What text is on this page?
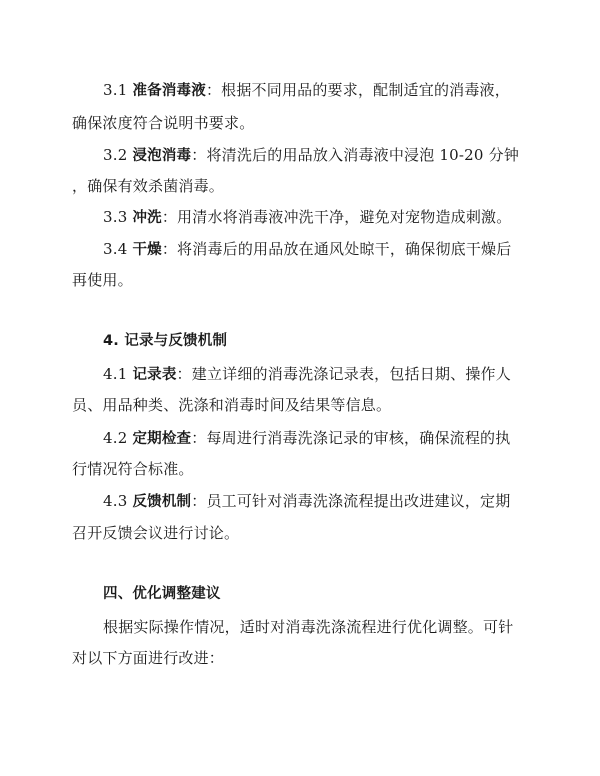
3.1 准备消毒液：根据不同用品的要求，配制适宜的消毒液，
确保浓度符合说明书要求。
3.2 浸泡消毒：将清洗后的用品放入消毒液中浸泡 10-20 分钟
，确保有效杀菌消毒。
3.3 冲洗：用清水将消毒液冲洗干净，避免对宠物造成刺激。
3.4 干燥：将消毒后的用品放在通风处晾干，确保彻底干燥后
再使用。
4. 记录与反馈机制
4.1 记录表：建立详细的消毒洗涤记录表，包括日期、操作人
员、用品种类、洗涤和消毒时间及结果等信息。
4.2 定期检查：每周进行消毒洗涤记录的审核，确保流程的执
行情况符合标准。
4.3 反馈机制：员工可针对消毒洗涤流程提出改进建议，定期
召开反馈会议进行讨论。
四、优化调整建议
根据实际操作情况，适时对消毒洗涤流程进行优化调整。可针
对以下方面进行改进：
